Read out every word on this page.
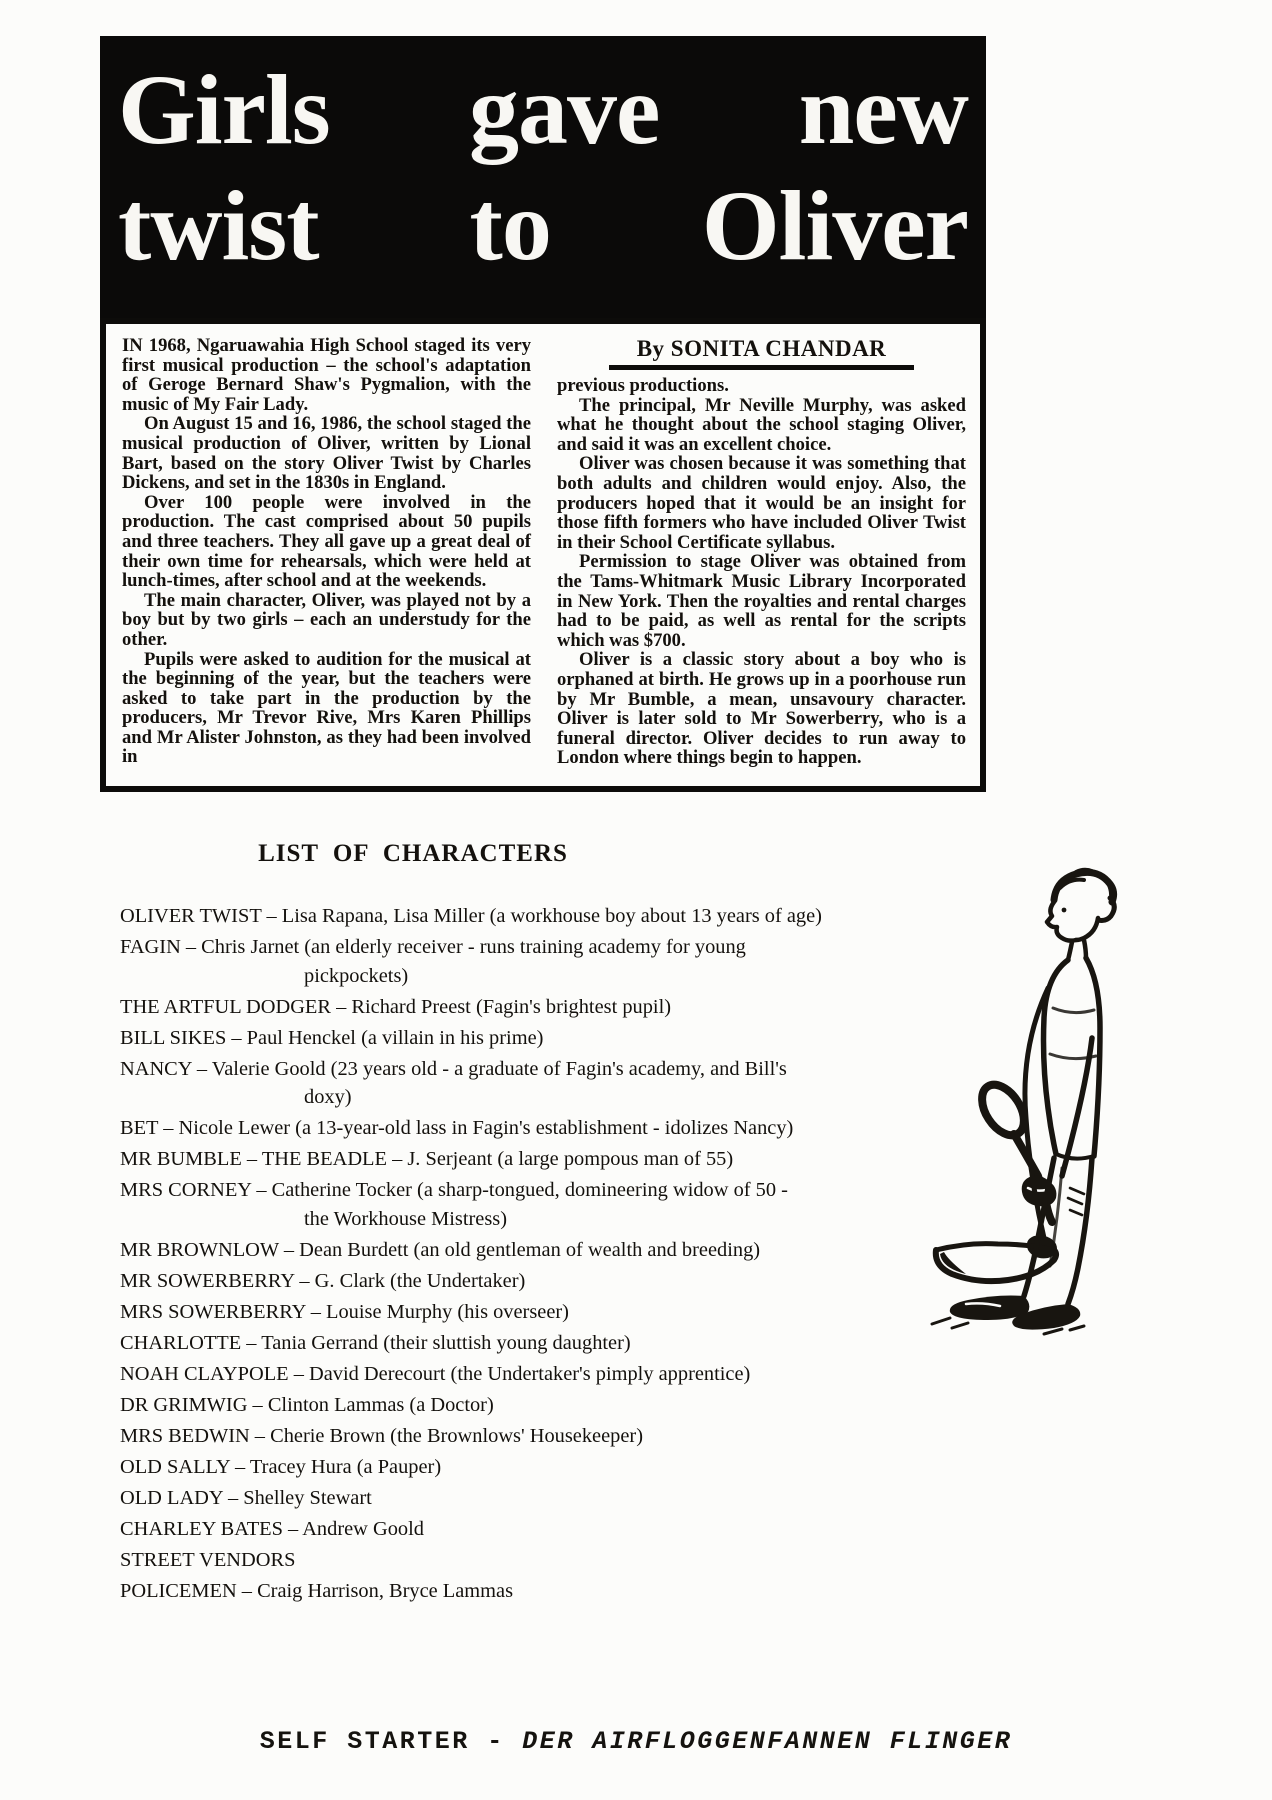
Girls gave new
twist to Oliver

IN 1968, Ngaruawahia High School staged its very first musical production – the school's adaptation of Geroge Bernard Shaw's Pygmalion, with the music of My Fair Lady.

On August 15 and 16, 1986, the school staged the musical production of Oliver, written by Lional Bart, based on the story Oliver Twist by Charles Dickens, and set in the 1830s in England.

Over 100 people were involved in the production. The cast comprised about 50 pupils and three teachers. They all gave up a great deal of their own time for rehearsals, which were held at lunch-times, after school and at the weekends.

The main character, Oliver, was played not by a boy but by two girls – each an understudy for the other.

Pupils were asked to audition for the musical at the beginning of the year, but the teachers were asked to take part in the production by the producers, Mr Trevor Rive, Mrs Karen Phillips and Mr Alister Johnston, as they had been involved in

By SONITA CHANDAR

previous productions.

The principal, Mr Neville Murphy, was asked what he thought about the school staging Oliver, and said it was an excellent choice.

Oliver was chosen because it was something that both adults and children would enjoy. Also, the producers hoped that it would be an insight for those fifth formers who have included Oliver Twist in their School Certificate syllabus.

Permission to stage Oliver was obtained from the Tams-Whitmark Music Library Incorporated in New York. Then the royalties and rental charges had to be paid, as well as rental for the scripts which was $700.

Oliver is a classic story about a boy who is orphaned at birth. He grows up in a poorhouse run by Mr Bumble, a mean, unsavoury character. Oliver is later sold to Mr Sowerberry, who is a funeral director. Oliver decides to run away to London where things begin to happen.

LIST OF CHARACTERS
OLIVER TWIST – Lisa Rapana, Lisa Miller (a workhouse boy about 13 years of age)
FAGIN – Chris Jarnet (an elderly receiver - runs training academy for young
pickpockets)
THE ARTFUL DODGER – Richard Preest (Fagin's brightest pupil)
BILL SIKES – Paul Henckel (a villain in his prime)
NANCY – Valerie Goold (23 years old - a graduate of Fagin's academy, and Bill's
doxy)
BET – Nicole Lewer (a 13-year-old lass in Fagin's establishment - idolizes Nancy)
MR BUMBLE – THE BEADLE – J. Serjeant (a large pompous man of 55)
MRS CORNEY – Catherine Tocker (a sharp-tongued, domineering widow of 50 -
the Workhouse Mistress)
MR BROWNLOW – Dean Burdett (an old gentleman of wealth and breeding)
MR SOWERBERRY – G. Clark (the Undertaker)
MRS SOWERBERRY – Louise Murphy (his overseer)
CHARLOTTE – Tania Gerrand (their sluttish young daughter)
NOAH CLAYPOLE – David Derecourt (the Undertaker's pimply apprentice)
DR GRIMWIG – Clinton Lammas (a Doctor)
MRS BEDWIN – Cherie Brown (the Brownlows' Housekeeper)
OLD SALLY – Tracey Hura (a Pauper)
OLD LADY – Shelley Stewart
CHARLEY BATES – Andrew Goold
STREET VENDORS
POLICEMEN – Craig Harrison, Bryce Lammas
SELF STARTER - DER AIRFLOGGENFANNEN FLINGER
